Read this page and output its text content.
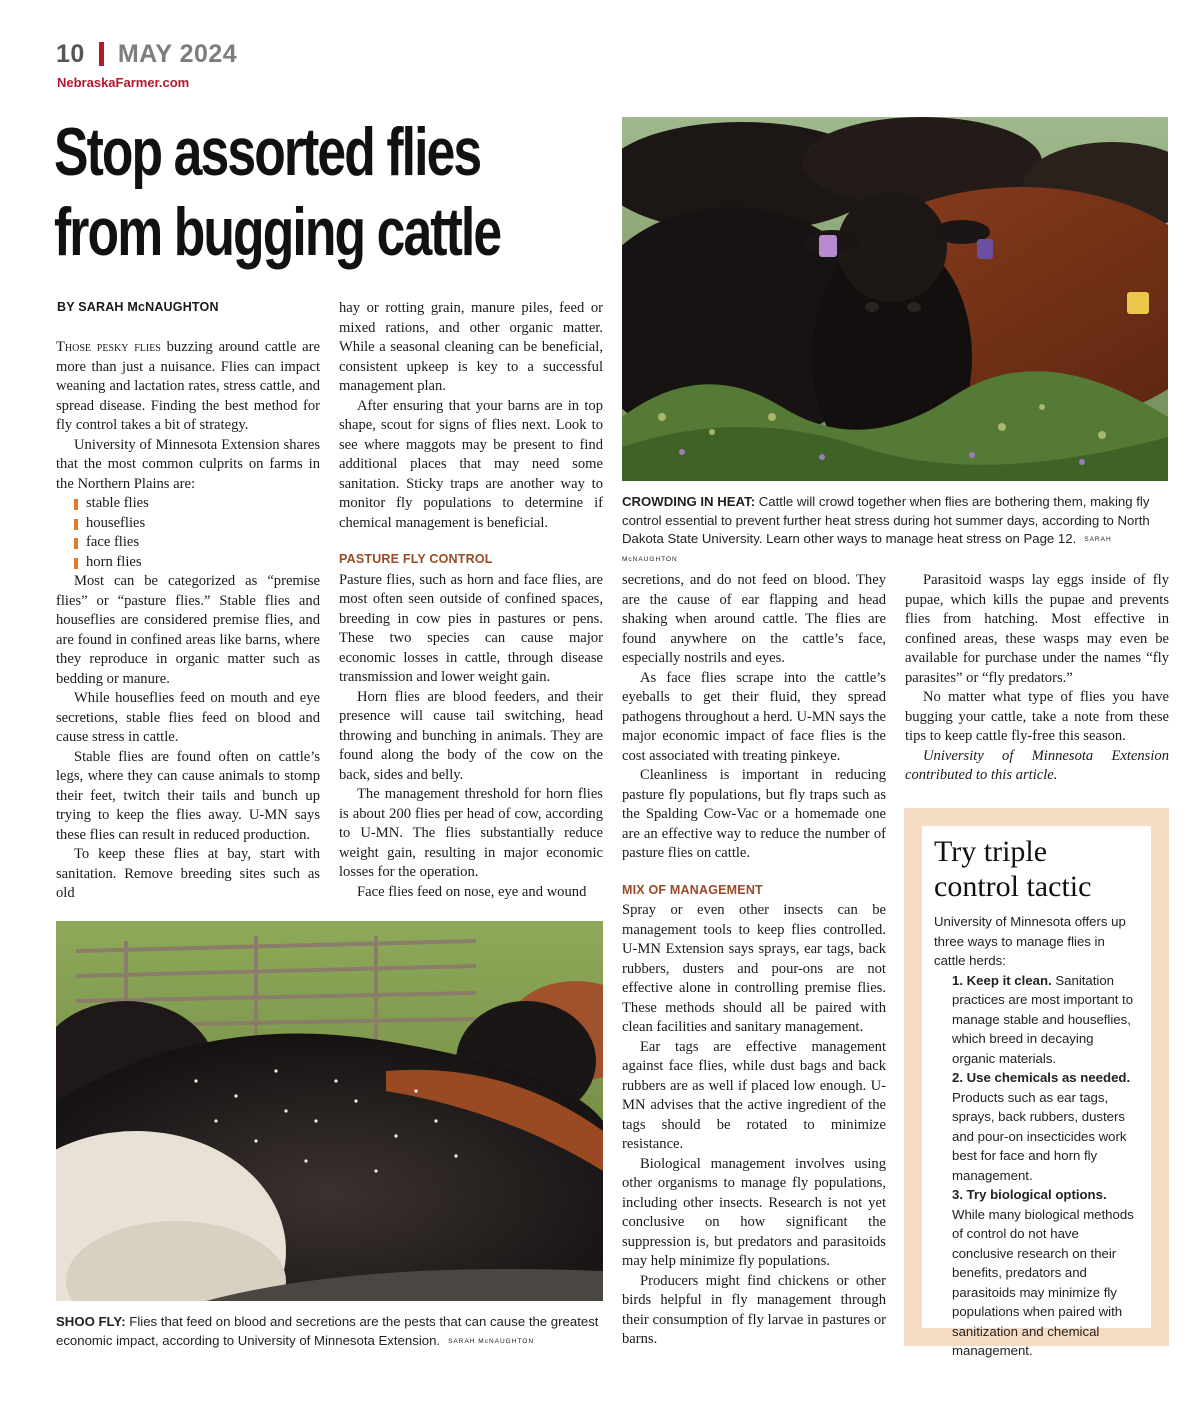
10 MAY 2024
NebraskaFarmer.com
Stop assorted flies
from bugging cattle
BY SARAH McNAUGHTON

Those pesky flies buzzing around cattle are more than just a nuisance. Flies can impact weaning and lactation rates, stress cattle, and spread disease. Finding the best method for fly control takes a bit of strategy.

University of Minnesota Extension shares that the most common culprits on farms in the Northern Plains are:

stable flies
houseflies
face flies
horn flies

Most can be categorized as “premise flies” or “pasture flies.” Stable flies and houseflies are considered premise flies, and are found in confined areas like barns, where they reproduce in organic matter such as bedding or manure.

While houseflies feed on mouth and eye secretions, stable flies feed on blood and cause stress in cattle.

Stable flies are found often on cattle’s legs, where they can cause animals to stomp their feet, twitch their tails and bunch up trying to keep the flies away. U-MN says these flies can result in reduced production.

To keep these flies at bay, start with sanitation. Remove breeding sites such as old

hay or rotting grain, manure piles, feed or mixed rations, and other organic matter. While a seasonal cleaning can be beneficial, consistent upkeep is key to a successful management plan.

After ensuring that your barns are in top shape, scout for signs of flies next. Look to see where maggots may be present to find additional places that may need some sanitation. Sticky traps are another way to monitor fly populations to determine if chemical management is beneficial.

PASTURE FLY CONTROL

Pasture flies, such as horn and face flies, are most often seen outside of confined spaces, breeding in cow pies in pastures or pens. These two species can cause major economic losses in cattle, through disease transmission and lower weight gain.

Horn flies are blood feeders, and their presence will cause tail switching, head throwing and bunching in animals. They are found along the body of the cow on the back, sides and belly.

The management threshold for horn flies is about 200 flies per head of cow, according to U-MN. The flies substantially reduce weight gain, resulting in major economic losses for the operation.

Face flies feed on nose, eye and wound

CROWDING IN HEAT: Cattle will crowd together when flies are bothering them, making fly control essential to prevent further heat stress during hot summer days, according to North Dakota State University. Learn other ways to manage heat stress on Page 12. SARAH McNAUGHTON

secretions, and do not feed on blood. They are the cause of ear flapping and head shaking when around cattle. The flies are found anywhere on the cattle’s face, especially nostrils and eyes.

As face flies scrape into the cattle’s eyeballs to get their fluid, they spread pathogens throughout a herd. U-MN says the major economic impact of face flies is the cost associated with treating pinkeye.

Cleanliness is important in reducing pasture fly populations, but fly traps such as the Spalding Cow-Vac or a homemade one are an effective way to reduce the number of pasture flies on cattle.

MIX OF MANAGEMENT

Spray or even other insects can be management tools to keep flies controlled. U-MN Extension says sprays, ear tags, back rubbers, dusters and pour-ons are not effective alone in controlling premise flies. These methods should all be paired with clean facilities and sanitary management.

Ear tags are effective management against face flies, while dust bags and back rubbers are as well if placed low enough. U-MN advises that the active ingredient of the tags should be rotated to minimize resistance.

Biological management involves using other organisms to manage fly populations, including other insects. Research is not yet conclusive on how significant the suppression is, but predators and parasitoids may help minimize fly populations.

Producers might find chickens or other birds helpful in fly management through their consumption of fly larvae in pastures or barns.

Parasitoid wasps lay eggs inside of fly pupae, which kills the pupae and prevents flies from hatching. Most effective in confined areas, these wasps may even be available for purchase under the names “fly parasites” or “fly predators.”

No matter what type of flies you have bugging your cattle, take a note from these tips to keep cattle fly-free this season.

University of Minnesota Extension contributed to this article.

Try triple
control tactic

University of Minnesota offers up three ways to manage flies in cattle herds:

1. Keep it clean. Sanitation practices are most important to manage stable and houseflies, which breed in decaying organic materials.

2. Use chemicals as needed. Products such as ear tags, sprays, back rubbers, dusters and pour-on insecticides work best for face and horn fly management.

3. Try biological options. While many biological methods of control do not have conclusive research on their benefits, predators and parasitoids may minimize fly populations when paired with sanitization and chemical management.

SHOO FLY: Flies that feed on blood and secretions are the pests that can cause the greatest economic impact, according to University of Minnesota Extension. SARAH McNAUGHTON
